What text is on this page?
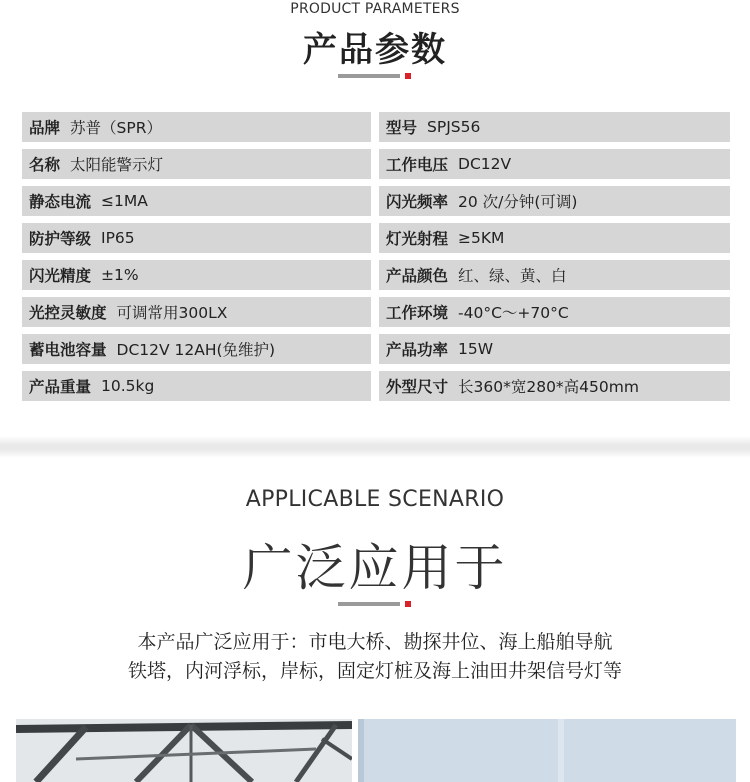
PRODUCT PARAMETERS
产品参数
品牌 苏普（SPR）	型号 SPJS56
名称 太阳能警示灯	工作电压 DC12V
静态电流 ≤1MA	闪光频率 20 次/分钟(可调)
防护等级 IP65	灯光射程 ≥5KM
闪光精度 ±1%	产品颜色 红、绿、黄、白
光控灵敏度 可调常用300LX	工作环境 -40°C～+70°C
蓄电池容量 DC12V 12AH(免维护)	产品功率 15W
产品重量 10.5kg	外型尺寸 长360*宽280*高450mm
APPLICABLE SCENARIO
广泛应用于
本产品广泛应用于：市电大桥、勘探井位、海上船舶导航
铁塔，内河浮标，岸标，固定灯桩及海上油田井架信号灯等
